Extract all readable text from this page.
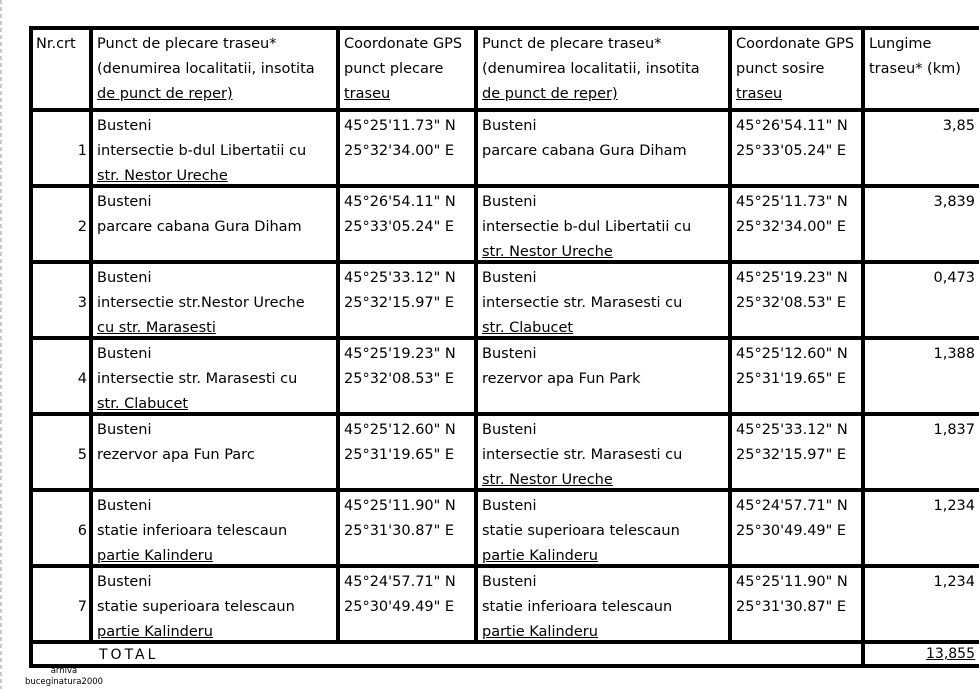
Nr.crt	Punct de plecare traseu*
(denumirea localitatii, insotita
de punct de reper)
Coordonate GPS
punct plecare
traseu
Punct de plecare traseu*
(denumirea localitatii, insotita
de punct de reper)
Coordonate GPS
punct sosire
traseu
Lungime
traseu* (km)
1
Busteni
intersectie b-dul Libertatii cu
str. Nestor Ureche
45°25'11.73" N
25°32'34.00" E
Busteni
parcare cabana Gura Diham
45°26'54.11" N
25°33'05.24" E
3,85
2
Busteni
parcare cabana Gura Diham
45°26'54.11" N
25°33'05.24" E
Busteni
intersectie b-dul Libertatii cu
str. Nestor Ureche
45°25'11.73" N
25°32'34.00" E
3,839
3
Busteni
intersectie str.Nestor Ureche
cu str. Marasesti
45°25'33.12" N
25°32'15.97" E
Busteni
intersectie str. Marasesti cu
str. Clabucet
45°25'19.23" N
25°32'08.53" E
0,473
4
Busteni
intersectie str. Marasesti cu
str. Clabucet
45°25'19.23" N
25°32'08.53" E
Busteni
rezervor apa Fun Park
45°25'12.60" N
25°31'19.65" E
1,388
5
Busteni
rezervor apa Fun Parc
45°25'12.60" N
25°31'19.65" E
Busteni
intersectie str. Marasesti cu
str. Nestor Ureche
45°25'33.12" N
25°32'15.97" E
1,837
6
Busteni
statie inferioara telescaun
partie Kalinderu
45°25'11.90" N
25°31'30.87" E
Busteni
statie superioara telescaun
partie Kalinderu
45°24'57.71" N
25°30'49.49" E
1,234
7
Busteni
statie superioara telescaun
partie Kalinderu
45°24'57.71" N
25°30'49.49" E
Busteni
statie inferioara telescaun
partie Kalinderu
45°25'11.90" N
25°31'30.87" E
1,234
TOTAL	13,855
arhiva
buceginatura2000
